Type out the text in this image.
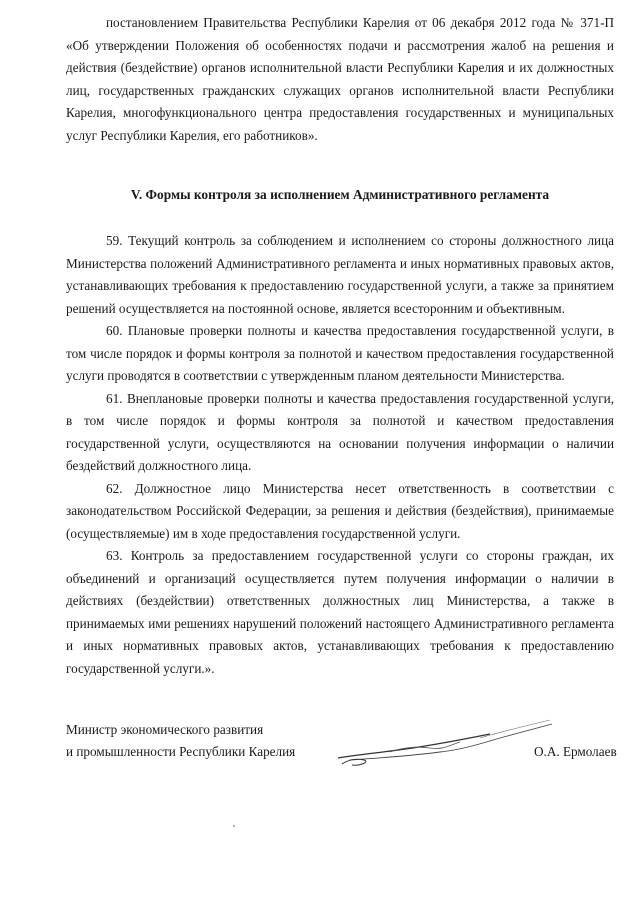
постановлением Правительства Республики Карелия от 06 декабря 2012 года № 371-П «Об утверждении Положения об особенностях подачи и рассмотрения жалоб на решения и действия (бездействие) органов исполнительной власти Республики Карелия и их должностных лиц, государственных гражданских служащих органов исполнительной власти Республики Карелия, многофункционального центра предоставления государственных и муниципальных услуг Республики Карелия, его работников».
V. Формы контроля за исполнением Административного регламента

59. Текущий контроль за соблюдением и исполнением со стороны должностного лица Министерства положений Административного регламента и иных нормативных правовых актов, устанавливающих требования к предоставлению государственной услуги, а также за принятием решений осуществляется на постоянной основе, является всесторонним и объективным.

60. Плановые проверки полноты и качества предоставления государственной услуги, в том числе порядок и формы контроля за полнотой и качеством предоставления государственной услуги проводятся в соответствии с утвержденным планом деятельности Министерства.

61. Внеплановые проверки полноты и качества предоставления государственной услуги, в том числе порядок и формы контроля за полнотой и качеством предоставления государственной услуги, осуществляются на основании получения информации о наличии бездействий должностного лица.

62. Должностное лицо Министерства несет ответственность в соответствии с законодательством Российской Федерации, за решения и действия (бездействия), принимаемые (осуществляемые) им в ходе предоставления государственной услуги.

63. Контроль за предоставлением государственной услуги со стороны граждан, их объединений и организаций осуществляется путем получения информации о наличии в действиях (бездействии) ответственных должностных лиц Министерства, а также в принимаемых ими решениях нарушений положений настоящего Административного регламента и иных нормативных правовых актов, устанавливающих требования к предоставлению государственной услуги.».

Министр экономического развития
и промышленности Республики Карелия	О.А. Ермолаев
